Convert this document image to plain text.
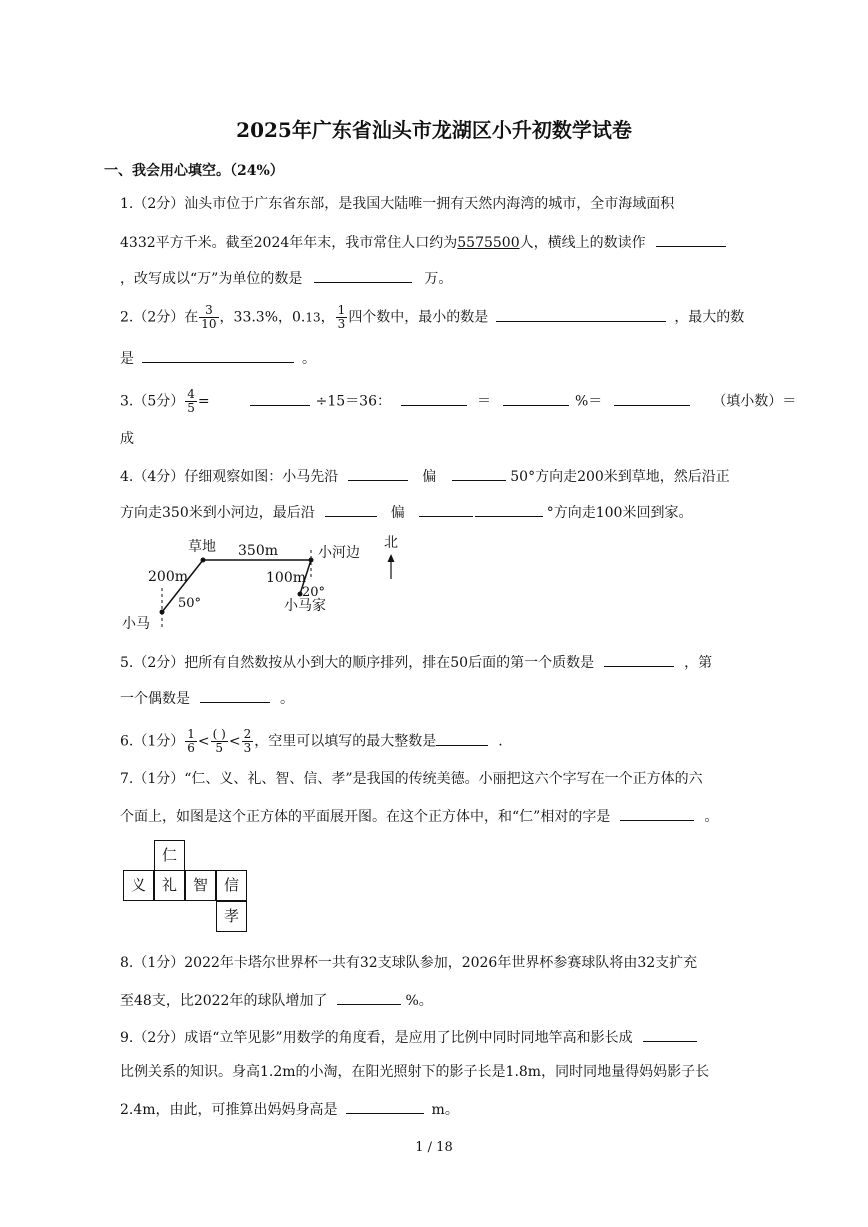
2025年广东省汕头市龙湖区小升初数学试卷
一、我会用心填空。（24%）
1.（2分）汕头市位于广东省东部，是我国大陆唯一拥有天然内海湾的城市，全市海域面积
4332平方千米。截至2024年年末，我市常住人口约为5575500人，横线上的数读作
，改写成以“万”为单位的数是	万。
2.（2分）在 $\frac{3}{10}$ ，33.3%，0.13， $\frac{1}{3}$ 四个数中，最小的数是	，最大的数
是	。
3.（5分） $\frac{4}{5}$ =	÷15＝36：	＝	%＝	（填小数）＝
成
4.（4分）仔细观察如图：小马先沿	偏	50°方向走200米到草地，然后沿正
方向走350米到小河边，最后沿	偏	°方向走100米回到家。
草地 350m	小河边
北
200m	100m
50°
20°
小马家
小马
5.（2分）把所有自然数按从小到大的顺序排列，排在50后面的第一个质数是	，第
一个偶数是	。
6.（1分） $\frac{1}{6} < \frac{( )}{5} < \frac{2}{3}$ ，空里可以填写的最大整数是	.
7.（1分）“仁、义、礼、智、信、孝”是我国的传统美德。小丽把这六个字写在一个正方体的六
个面上，如图是这个正方体的平面展开图。在这个正方体中，和“仁”相对的字是	。
仁
义	礼	智	信
孝
8.（1分）2022年卡塔尔世界杯一共有32支球队参加，2026年世界杯参赛球队将由32支扩充
至48支，比2022年的球队增加了	%。
9.（2分）成语“立竿见影”用数学的角度看，是应用了比例中同时同地竿高和影长成
比例关系的知识。身高1.2m的小淘，在阳光照射下的影子长是1.8m，同时同地量得妈妈影子长
2.4m，由此，可推算出妈妈身高是	m。
1 / 18
